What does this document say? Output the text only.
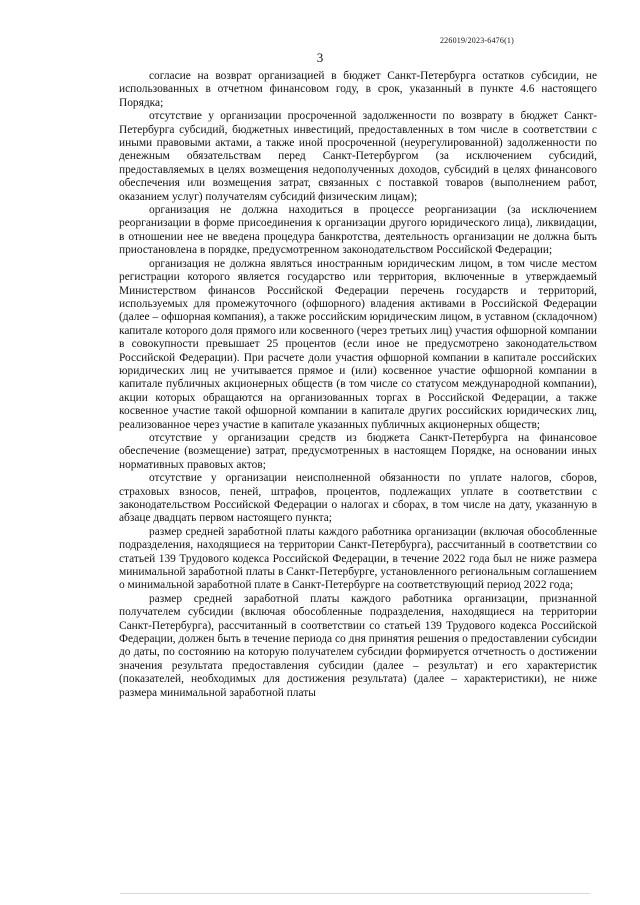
226019/2023-6476(1)
3

согласие на возврат организацией в бюджет Санкт-Петербурга остатков субсидии, не использованных в отчетном финансовом году, в срок, указанный в пункте 4.6 настоящего Порядка;

отсутствие у организации просроченной задолженности по возврату в бюджет Санкт-Петербурга субсидий, бюджетных инвестиций, предоставленных в том числе в соответствии с иными правовыми актами, а также иной просроченной (неурегулированной) задолженности по денежным обязательствам перед Санкт-Петербургом (за исключением субсидий, предоставляемых в целях возмещения недополученных доходов, субсидий в целях финансового обеспечения или возмещения затрат, связанных с поставкой товаров (выполнением работ, оказанием услуг) получателям субсидий физическим лицам);

организация не должна находиться в процессе реорганизации (за исключением реорганизации в форме присоединения к организации другого юридического лица), ликвидации, в отношении нее не введена процедура банкротства, деятельность организации не должна быть приостановлена в порядке, предусмотренном законодательством Российской Федерации;

организация не должна являться иностранным юридическим лицом, в том числе местом регистрации которого является государство или территория, включенные в утверждаемый Министерством финансов Российской Федерации перечень государств и территорий, используемых для промежуточного (офшорного) владения активами в Российской Федерации (далее – офшорная компания), а также российским юридическим лицом, в уставном (складочном) капитале которого доля прямого или косвенного (через третьих лиц) участия офшорной компании в совокупности превышает 25 процентов (если иное не предусмотрено законодательством Российской Федерации). При расчете доли участия офшорной компании в капитале российских юридических лиц не учитывается прямое и (или) косвенное участие офшорной компании в капитале публичных акционерных обществ (в том числе со статусом международной компании), акции которых обращаются на организованных торгах в Российской Федерации, а также косвенное участие такой офшорной компании в капитале других российских юридических лиц, реализованное через участие в капитале указанных публичных акционерных обществ;

отсутствие у организации средств из бюджета Санкт-Петербурга на финансовое обеспечение (возмещение) затрат, предусмотренных в настоящем Порядке, на основании иных нормативных правовых актов;

отсутствие у организации неисполненной обязанности по уплате налогов, сборов, страховых взносов, пеней, штрафов, процентов, подлежащих уплате в соответствии с законодательством Российской Федерации о налогах и сборах, в том числе на дату, указанную в абзаце двадцать первом настоящего пункта;

размер средней заработной платы каждого работника организации (включая обособленные подразделения, находящиеся на территории Санкт-Петербурга), рассчитанный в соответствии со статьей 139 Трудового кодекса Российской Федерации, в течение 2022 года был не ниже размера минимальной заработной платы в Санкт-Петербурге, установленного региональным соглашением о минимальной заработной плате в Санкт-Петербурге на соответствующий период 2022 года;

размер средней заработной платы каждого работника организации, признанной получателем субсидии (включая обособленные подразделения, находящиеся на территории Санкт-Петербурга), рассчитанный в соответствии со статьей 139 Трудового кодекса Российской Федерации, должен быть в течение периода со дня принятия решения о предоставлении субсидии до даты, по состоянию на которую получателем субсидии формируется отчетность о достижении значения результата предоставления субсидии (далее – результат) и его характеристик (показателей, необходимых для достижения результата) (далее – характеристики), не ниже размера минимальной заработной платы
